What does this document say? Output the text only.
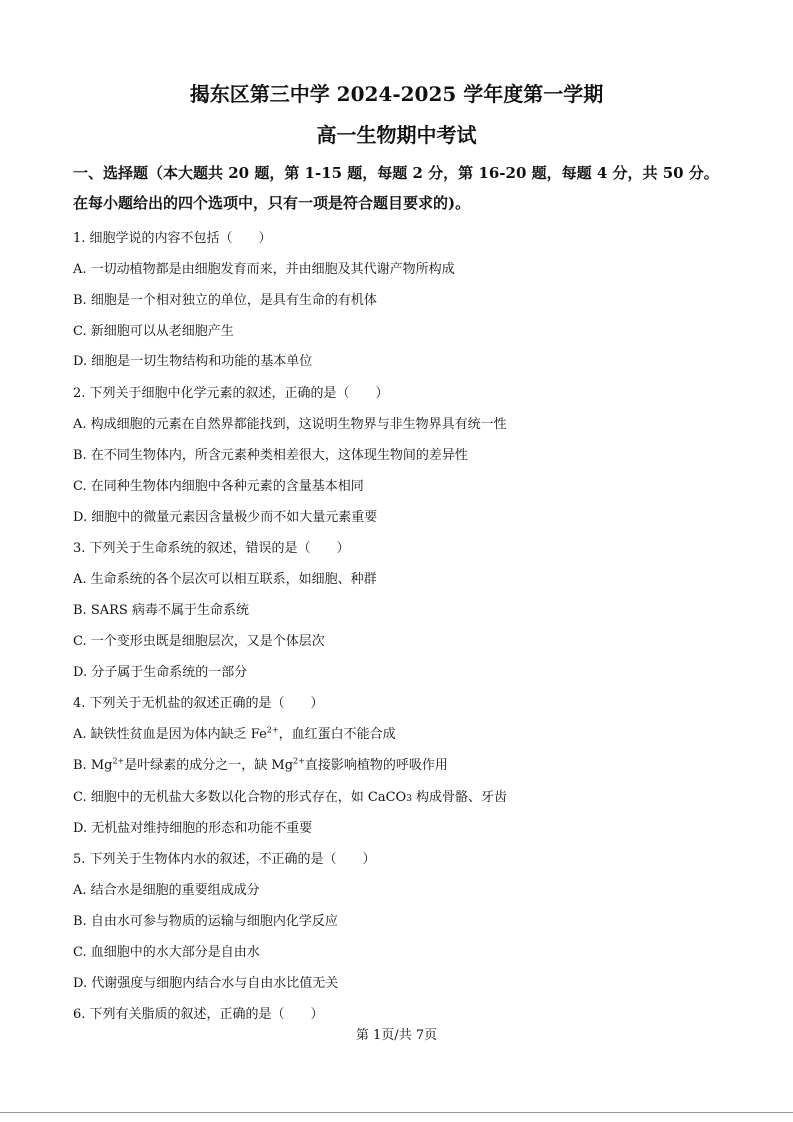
揭东区第三中学 2024-2025 学年度第一学期
高一生物期中考试
一、选择题（本大题共 20 题，第 1-15 题，每题 2 分，第 16-20 题，每题 4 分，共 50 分。在每小题给出的四个选项中，只有一项是符合题目要求的)。
1. 细胞学说的内容不包括（　　）
A. 一切动植物都是由细胞发育而来，并由细胞及其代谢产物所构成
B. 细胞是一个相对独立的单位，是具有生命的有机体
C. 新细胞可以从老细胞产生
D. 细胞是一切生物结构和功能的基本单位
2. 下列关于细胞中化学元素的叙述，正确的是（　　）
A. 构成细胞的元素在自然界都能找到，这说明生物界与非生物界具有统一性
B. 在不同生物体内，所含元素种类相差很大，这体现生物间的差异性
C. 在同种生物体内细胞中各种元素的含量基本相同
D. 细胞中的微量元素因含量极少而不如大量元素重要
3. 下列关于生命系统的叙述，错误的是（　　）
A. 生命系统的各个层次可以相互联系，如细胞、种群
B. SARS 病毒不属于生命系统
C. 一个变形虫既是细胞层次，又是个体层次
D. 分子属于生命系统的一部分
4. 下列关于无机盐的叙述正确的是（　　）
A. 缺铁性贫血是因为体内缺乏 $Fe^{2+}$，血红蛋白不能合成
B. $Mg^{2+}$是叶绿素的成分之一，缺 $Mg^{2+}$直接影响植物的呼吸作用
C. 细胞中的无机盐大多数以化合物的形式存在，如 CaCO3 构成骨骼、牙齿
D. 无机盐对维持细胞的形态和功能不重要
5. 下列关于生物体内水的叙述，不正确的是（　　）
A. 结合水是细胞的重要组成成分
B. 自由水可参与物质的运输与细胞内化学反应
C. 血细胞中的水大部分是自由水
D. 代谢强度与细胞内结合水与自由水比值无关
6. 下列有关脂质的叙述，正确的是（　　）
第 1页/共 7页
